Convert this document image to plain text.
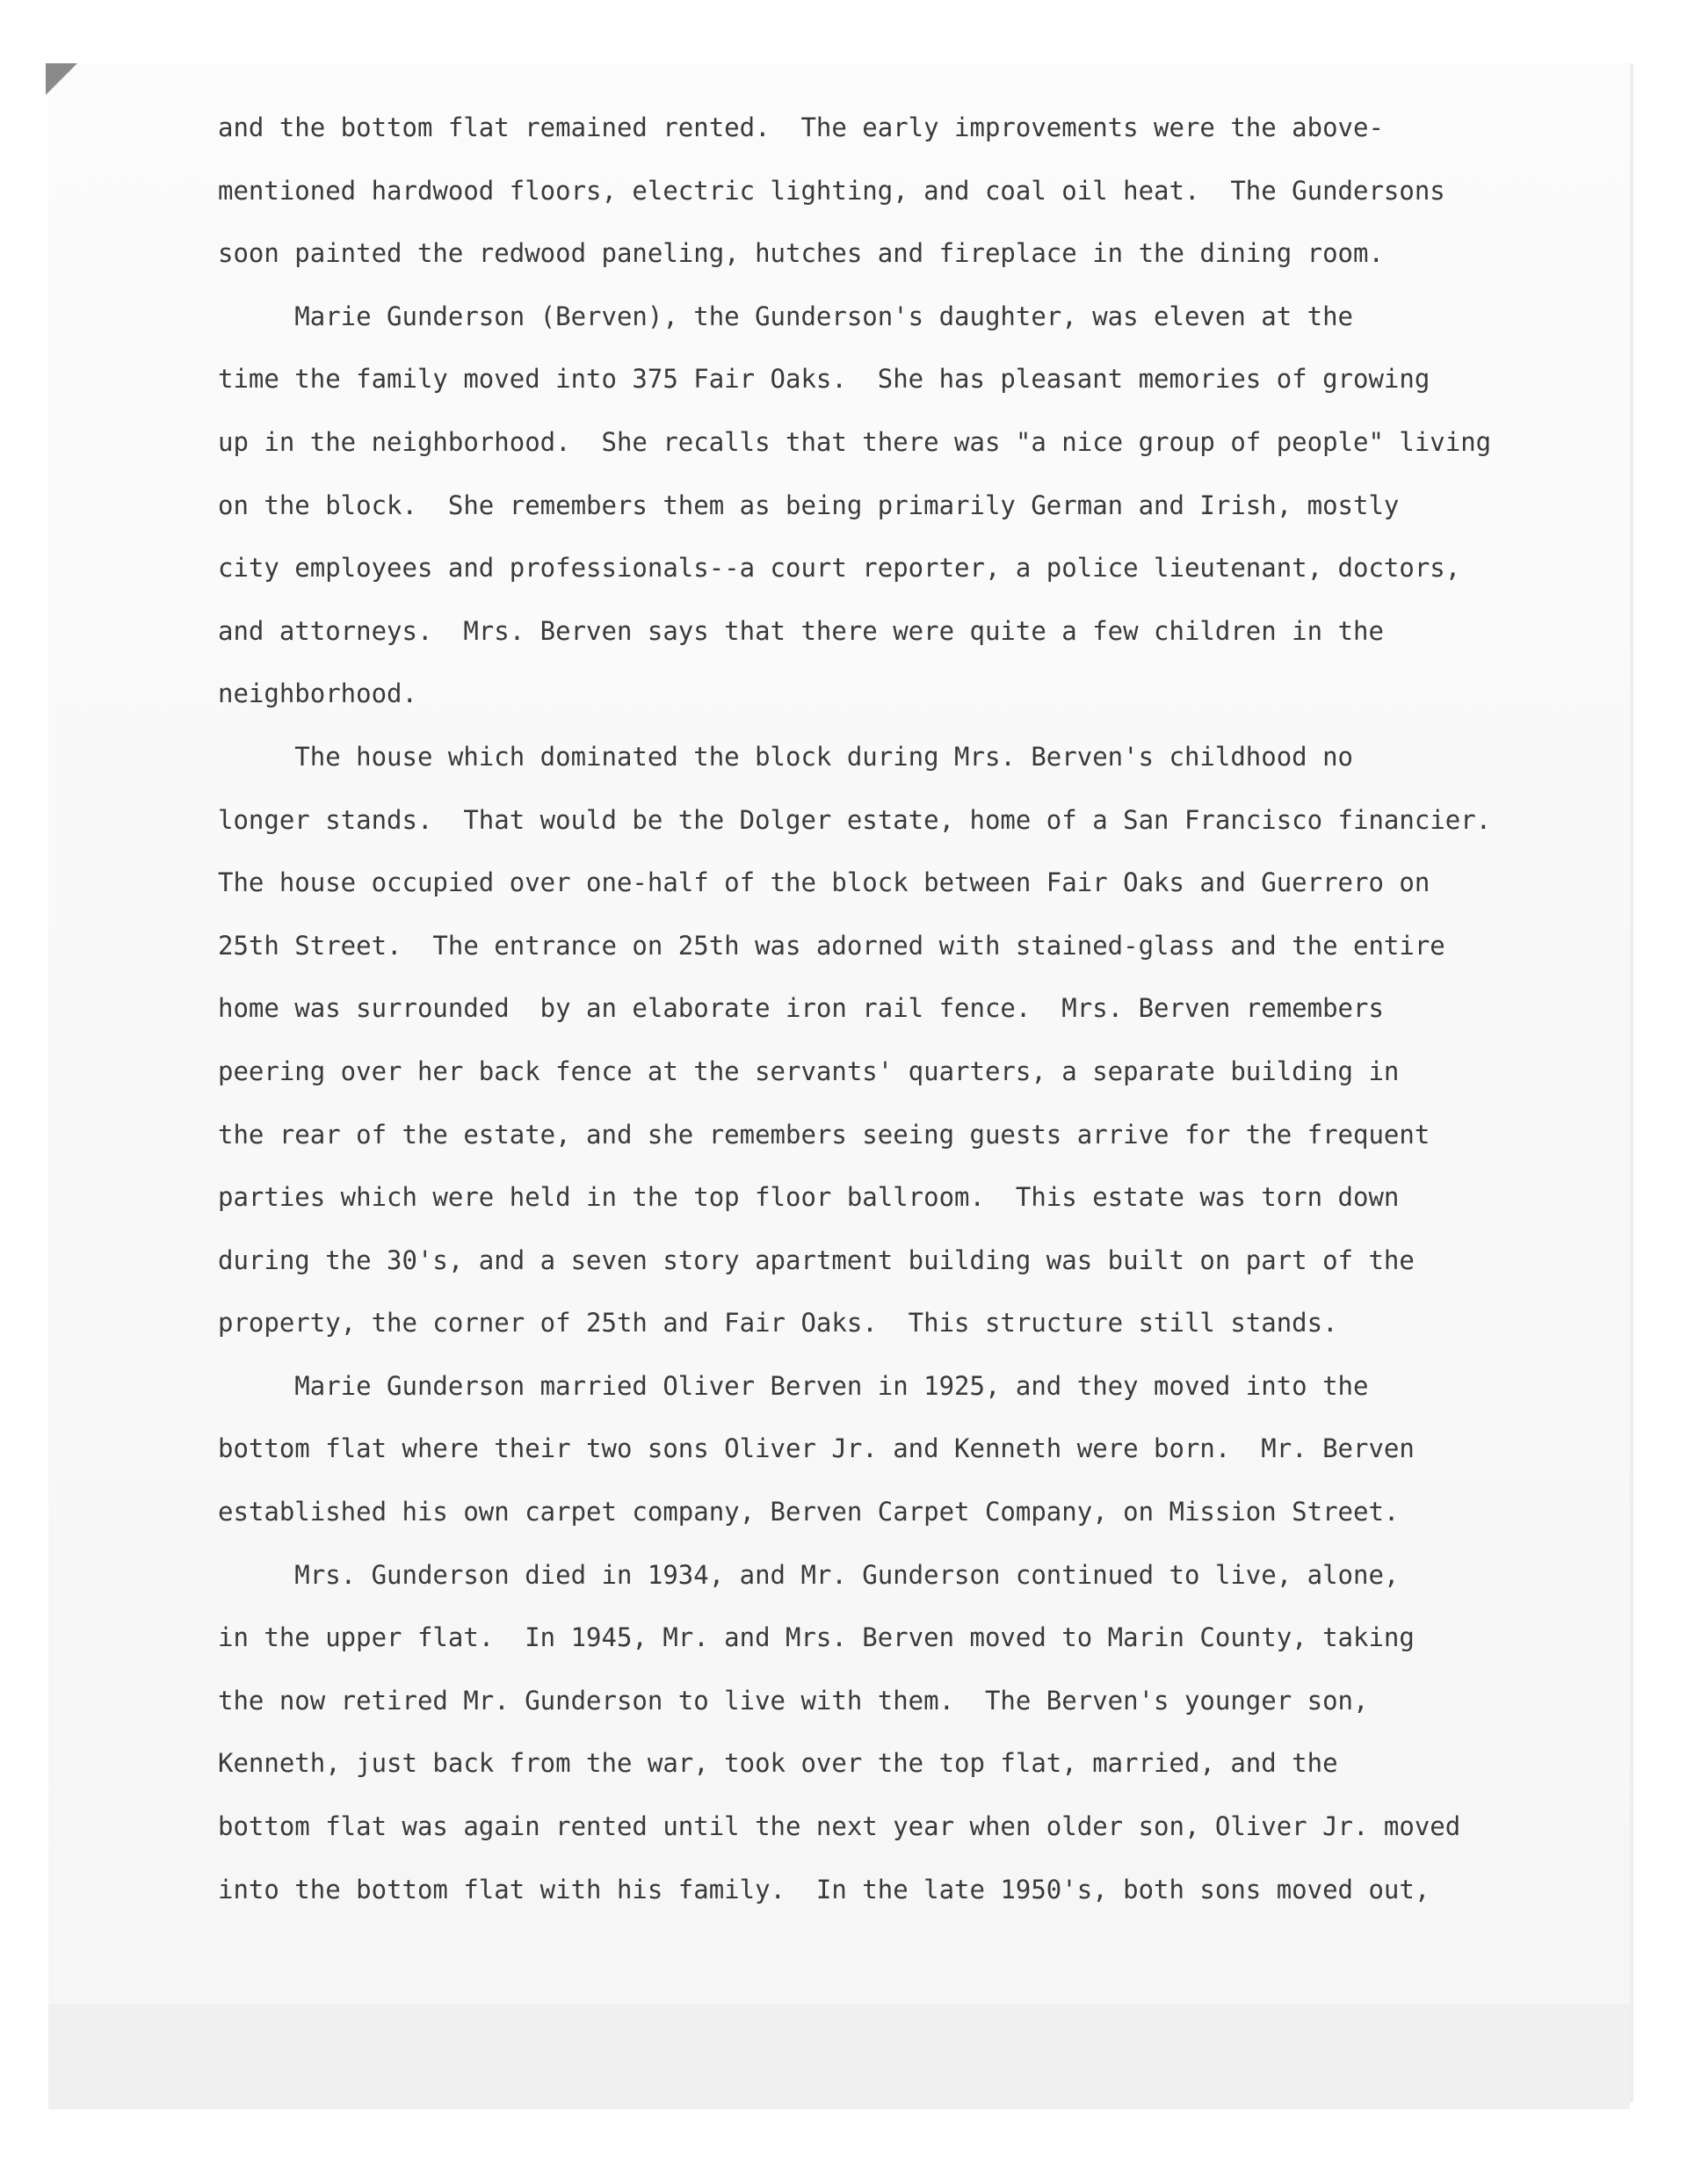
and the bottom flat remained rented.  The early improvements were the above-
mentioned hardwood floors, electric lighting, and coal oil heat.  The Gundersons
soon painted the redwood paneling, hutches and fireplace in the dining room.
Marie Gunderson (Berven), the Gunderson's daughter, was eleven at the
time the family moved into 375 Fair Oaks.  She has pleasant memories of growing
up in the neighborhood.  She recalls that there was "a nice group of people" living
on the block.  She remembers them as being primarily German and Irish, mostly
city employees and professionals--a court reporter, a police lieutenant, doctors,
and attorneys.  Mrs. Berven says that there were quite a few children in the
neighborhood.
The house which dominated the block during Mrs. Berven's childhood no
longer stands.  That would be the Dolger estate, home of a San Francisco financier.
The house occupied over one-half of the block between Fair Oaks and Guerrero on
25th Street.  The entrance on 25th was adorned with stained-glass and the entire
home was surrounded  by an elaborate iron rail fence.  Mrs. Berven remembers
peering over her back fence at the servants' quarters, a separate building in
the rear of the estate, and she remembers seeing guests arrive for the frequent
parties which were held in the top floor ballroom.  This estate was torn down
during the 30's, and a seven story apartment building was built on part of the
property, the corner of 25th and Fair Oaks.  This structure still stands.
Marie Gunderson married Oliver Berven in 1925, and they moved into the
bottom flat where their two sons Oliver Jr. and Kenneth were born.  Mr. Berven
established his own carpet company, Berven Carpet Company, on Mission Street.
Mrs. Gunderson died in 1934, and Mr. Gunderson continued to live, alone,
in the upper flat.  In 1945, Mr. and Mrs. Berven moved to Marin County, taking
the now retired Mr. Gunderson to live with them.  The Berven's younger son,
Kenneth, just back from the war, took over the top flat, married, and the
bottom flat was again rented until the next year when older son, Oliver Jr. moved
into the bottom flat with his family.  In the late 1950's, both sons moved out,
